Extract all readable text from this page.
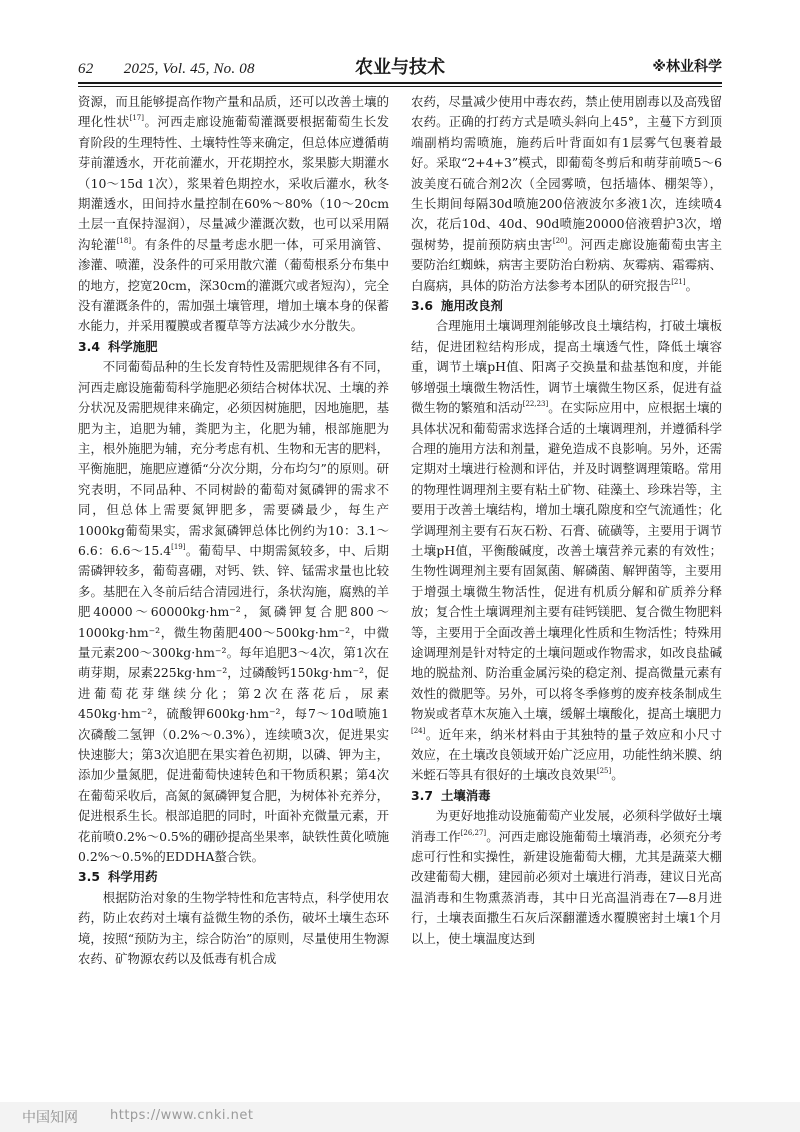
62　　2025, Vol. 45, No. 08	农业与技术	※林业科学

资源，而且能够提高作物产量和品质，还可以改善土壤的理化性状[17]。河西走廊设施葡萄灌溉要根据葡萄生长发育阶段的生理特性、土壤特性等来确定，但总体应遵循萌芽前灌透水，开花前灌水，开花期控水，浆果膨大期灌水（10～15d 1次），浆果着色期控水，采收后灌水，秋冬期灌透水，田间持水量控制在60%～80%（10～20cm土层一直保持湿润），尽量减少灌溉次数，也可以采用隔沟轮灌[18]。有条件的尽量考虑水肥一体，可采用滴管、渗灌、喷灌，没条件的可采用散穴灌（葡萄根系分布集中的地方，挖宽20cm，深30cm的灌溉穴或者短沟），完全没有灌溉条件的，需加强土壤管理，增加土壤本身的保蓄水能力，并采用覆膜或者覆草等方法减少水分散失。

3.4 科学施肥

不同葡萄品种的生长发育特性及需肥规律各有不同，河西走廊设施葡萄科学施肥必须结合树体状况、土壤的养分状况及需肥规律来确定，必须因树施肥，因地施肥，基肥为主，追肥为辅，粪肥为主，化肥为辅，根部施肥为主，根外施肥为辅，充分考虑有机、生物和无害的肥料，平衡施肥，施肥应遵循“分次分期，分布均匀”的原则。研究表明，不同品种、不同树龄的葡萄对氮磷钾的需求不同，但总体上需要氮钾肥多，需要磷最少，每生产1000kg葡萄果实，需求氮磷钾总体比例约为10：3.1～6.6：6.6～15.4[19]。葡萄早、中期需氮较多，中、后期需磷钾较多，葡萄喜硼，对钙、铁、锌、锰需求量也比较多。基肥在入冬前后结合清园进行，条状沟施，腐熟的羊肥40000～60000kg·hm⁻²，氮磷钾复合肥800～1000kg·hm⁻²，微生物菌肥400～500kg·hm⁻²，中微量元素200～300kg·hm⁻²。每年追肥3～4次，第1次在萌芽期，尿素225kg·hm⁻²，过磷酸钙150kg·hm⁻²，促进葡萄花芽继续分化；第2次在落花后，尿素450kg·hm⁻²，硫酸钾600kg·hm⁻²，每7～10d喷施1次磷酸二氢钾（0.2%～0.3%），连续喷3次，促进果实快速膨大；第3次追肥在果实着色初期，以磷、钾为主，添加少量氮肥，促进葡萄快速转色和干物质积累；第4次在葡萄采收后，高氮的氮磷钾复合肥，为树体补充养分，促进根系生长。根部追肥的同时，叶面补充微量元素，开花前喷0.2%～0.5%的硼砂提高坐果率，缺铁性黄化喷施0.2%～0.5%的EDDHA螯合铁。

3.5 科学用药

根据防治对象的生物学特性和危害特点，科学使用农药，防止农药对土壤有益微生物的杀伤，破坏土壤生态环境，按照“预防为主，综合防治”的原则，尽量使用生物源农药、矿物源农药以及低毒有机合成

农药，尽量减少使用中毒农药，禁止使用剧毒以及高残留农药。正确的打药方式是喷头斜向上45°，主蔓下方到顶端副梢均需喷施，施药后叶背面如有1层雾气包裹着最好。采取“2+4+3”模式，即葡萄冬剪后和萌芽前喷5～6波美度石硫合剂2次（全园雾喷，包括墙体、棚架等），生长期间每隔30d喷施200倍液波尔多液1次，连续喷4次，花后10d、40d、90d喷施20000倍液碧护3次，增强树势，提前预防病虫害[20]。河西走廊设施葡萄虫害主要防治红蜘蛛，病害主要防治白粉病、灰霉病、霜霉病、白腐病，具体的防治方法参考本团队的研究报告[21]。

3.6 施用改良剂

合理施用土壤调理剂能够改良土壤结构，打破土壤板结，促进团粒结构形成，提高土壤透气性，降低土壤容重，调节土壤pH值、阳离子交换量和盐基饱和度，并能够增强土壤微生物活性，调节土壤微生物区系，促进有益微生物的繁殖和活动[22,23]。在实际应用中，应根据土壤的具体状况和葡萄需求选择合适的土壤调理剂，并遵循科学合理的施用方法和剂量，避免造成不良影响。另外，还需定期对土壤进行检测和评估，并及时调整调理策略。常用的物理性调理剂主要有粘土矿物、硅藻土、珍珠岩等，主要用于改善土壤结构，增加土壤孔隙度和空气流通性；化学调理剂主要有石灰石粉、石膏、硫磺等，主要用于调节土壤pH值，平衡酸碱度，改善土壤营养元素的有效性；生物性调理剂主要有固氮菌、解磷菌、解钾菌等，主要用于增强土壤微生物活性，促进有机质分解和矿质养分释放；复合性土壤调理剂主要有硅钙镁肥、复合微生物肥料等，主要用于全面改善土壤理化性质和生物活性；特殊用途调理剂是针对特定的土壤问题或作物需求，如改良盐碱地的脱盐剂、防治重金属污染的稳定剂、提高微量元素有效性的微肥等。另外，可以将冬季修剪的废弃枝条制成生物炭或者草木灰施入土壤，缓解土壤酸化，提高土壤肥力[24]。近年来，纳米材料由于其独特的量子效应和小尺寸效应，在土壤改良领域开始广泛应用，功能性纳米膜、纳米蛭石等具有很好的土壤改良效果[25]。

3.7 土壤消毒

为更好地推动设施葡萄产业发展，必须科学做好土壤消毒工作[26,27]。河西走廊设施葡萄土壤消毒，必须充分考虑可行性和实操性，新建设施葡萄大棚，尤其是蔬菜大棚改建葡萄大棚，建园前必须对土壤进行消毒，建议日光高温消毒和生物熏蒸消毒，其中日光高温消毒在7—8月进行，土壤表面撒生石灰后深翻灌透水覆膜密封土壤1个月以上，使土壤温度达到

中国知网 https://www.cnki.net
